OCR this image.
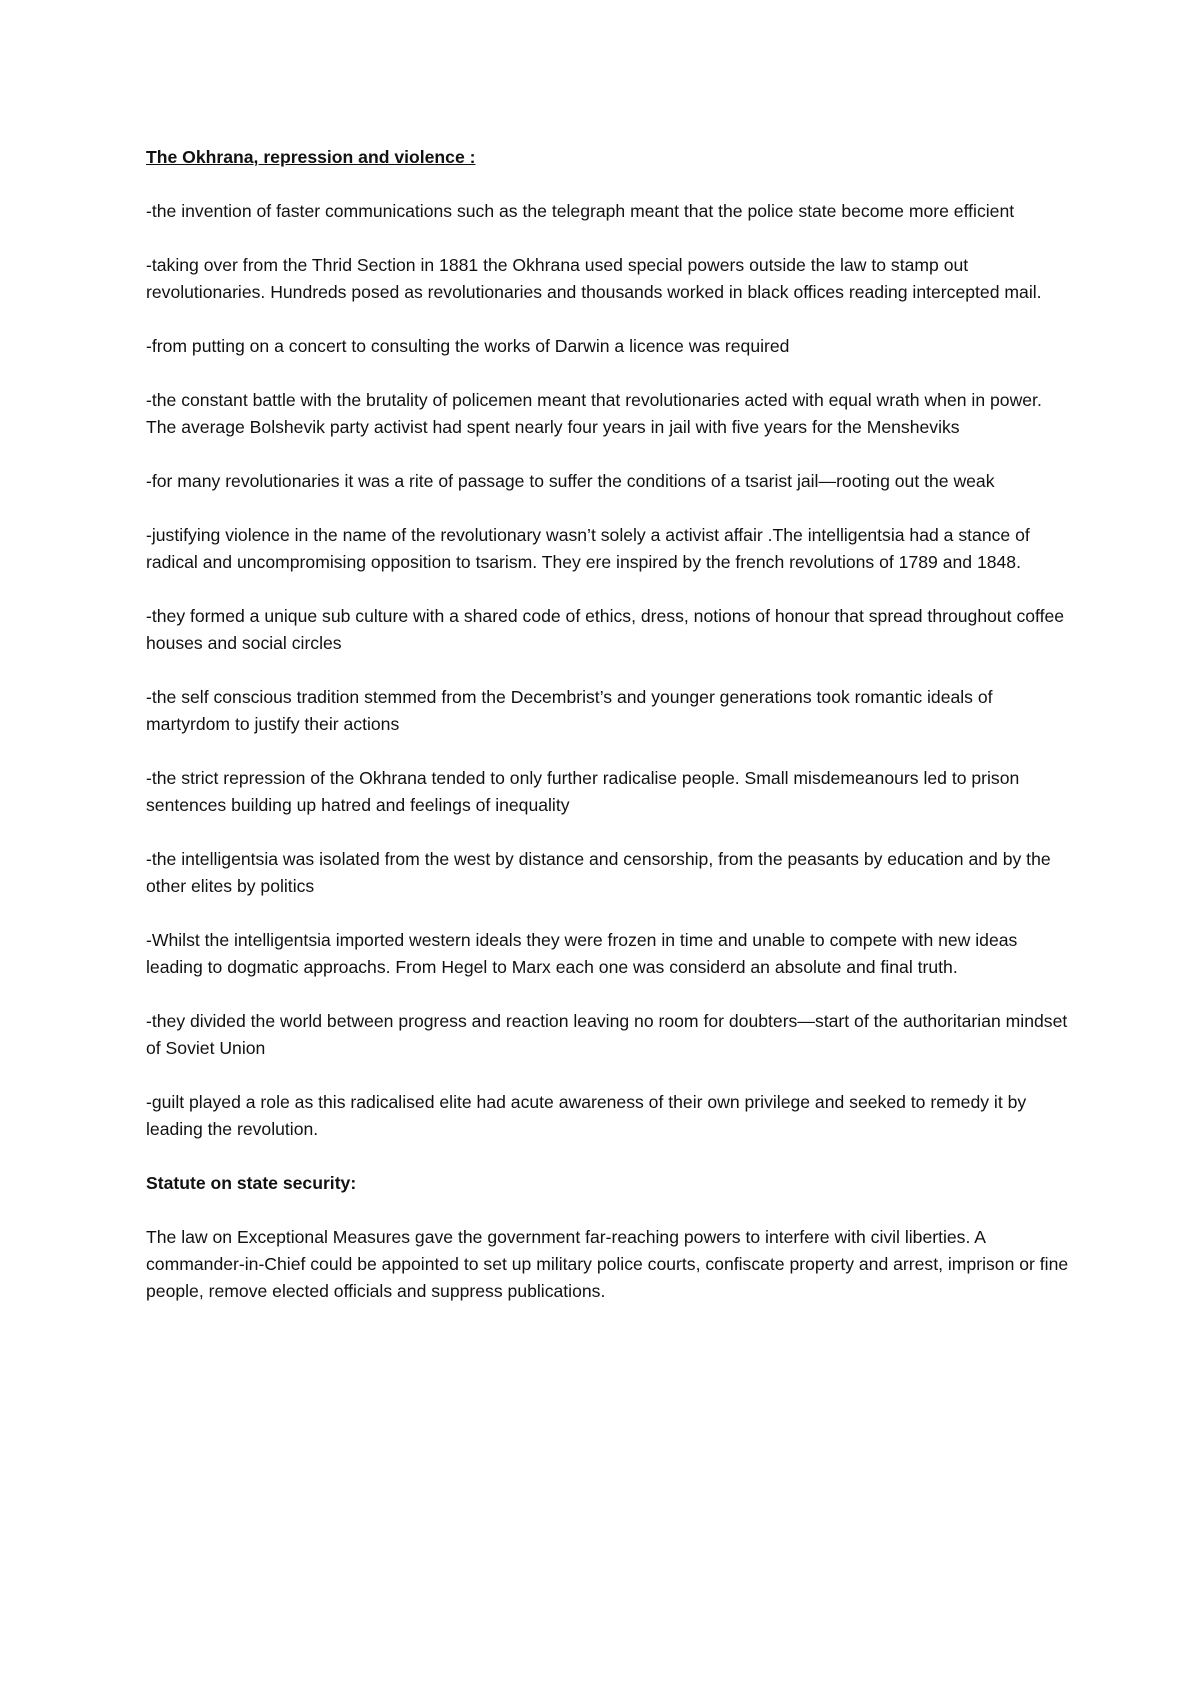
The Okhrana, repression and violence :

-the invention of faster communications such as the telegraph meant that the police state become more efficient

-taking over from the Thrid Section in 1881 the Okhrana used special powers outside the law to stamp out revolutionaries. Hundreds posed as revolutionaries and thousands worked in black offices reading intercepted mail.

-from putting on a concert to consulting the works of Darwin a licence was required

-the constant battle with the brutality of policemen meant that revolutionaries acted with equal wrath when in power. The average Bolshevik party activist had spent nearly four years in jail with five years for the Mensheviks

-for many revolutionaries it was a rite of passage to suffer the conditions of a tsarist jail—rooting out the weak

-justifying violence in the name of the revolutionary wasn’t solely a activist affair .The intelligentsia had a stance of radical and uncompromising opposition to tsarism. They ere inspired by the french revolutions of 1789 and 1848.

-they formed a unique sub culture with a shared code of ethics, dress, notions of honour that spread throughout coffee houses and social circles

-the self conscious tradition stemmed from the Decembrist’s and younger generations took romantic ideals of martyrdom to justify their actions

-the strict repression of the Okhrana tended to only further radicalise people. Small misdemeanours led to prison sentences building up hatred and feelings of inequality

-the intelligentsia was isolated from the west by distance and censorship, from the peasants by education and by the other elites by politics

-Whilst the intelligentsia imported western ideals they were frozen in time and unable to compete with new ideas leading to dogmatic approachs. From Hegel to Marx each one was considerd an absolute and final truth.

-they divided the world between progress and reaction leaving no room for doubters—start of the authoritarian mindset of Soviet Union

-guilt played a role as this radicalised elite had acute awareness of their own privilege and seeked to remedy it by leading the revolution.

Statute on state security:

The law on Exceptional Measures gave the government far-reaching powers to interfere with civil liberties. A commander-in-Chief could be appointed to set up military police courts, confiscate property and arrest, imprison or fine people, remove elected officials and suppress publications.
